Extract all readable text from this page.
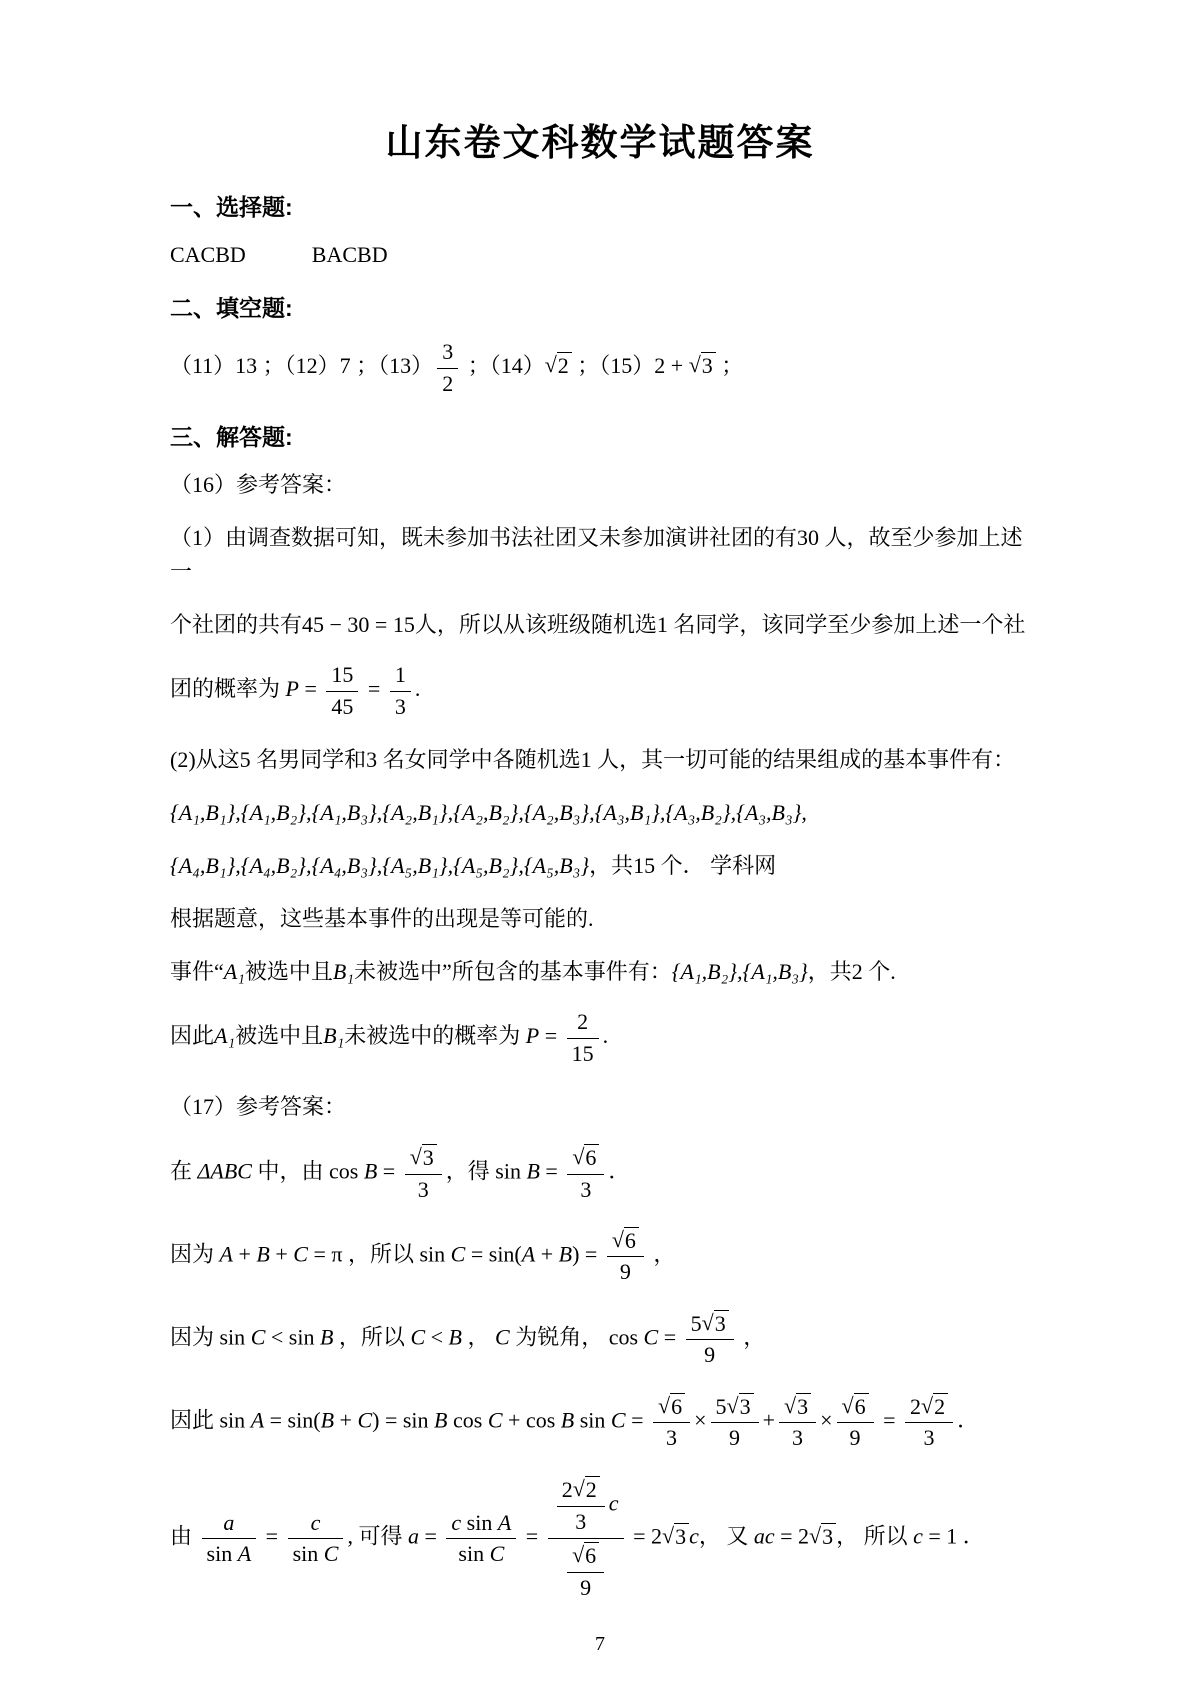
山东卷文科数学试题答案
一、选择题:
CACBD	BACBD
二、填空题:
（11）13 ；（12）7 ；$(13) \frac{3}{2}$ ；（14）√2 ；（15）2 + √3 ；
三、解答题:
（16）参考答案：
（1）由调查数据可知，既未参加书法社团又未参加演讲社团的有30 人，故至少参加上述一
个社团的共有45 − 30 = 15人，所以从该班级随机选1 名同学，该同学至少参加上述一个社
团的概率为 $P = \frac{15}{45} = \frac{1}{3}$ .
(2)从这5 名男同学和3 名女同学中各随机选1 人，其一切可能的结果组成的基本事件有：
{A₁,B₁},{A₁,B₂},{A₁,B₃},{A₂,B₁},{A₂,B₂},{A₂,B₃},{A₃,B₁},{A₃,B₂},{A₃,B₃},
{A₄,B₁},{A₄,B₂},{A₄,B₃},{A₅,B₁},{A₅,B₂},{A₅,B₃}，共15 个． 学科网
根据题意，这些基本事件的出现是等可能的.
事件“A₁被选中且B₁未被选中”所包含的基本事件有：{A₁,B₂},{A₁,B₃}，共2 个.
因此A₁被选中且B₁未被选中的概率为 $P = \frac{2}{15}$ .
（17）参考答案：
在 ΔABC 中，由 $\cos B = \frac{√3}{3}$ ，得 $\sin B = \frac{√6}{3}$ ．
因为 A + B + C = π ，所以 $\sin C = \sin(A + B) = \frac{√6}{9}$ ，
因为 sin C < sin B ，所以 C < B ， C 为锐角， $\cos C = \frac{5√3}{9}$ ，
因此 sin A = sin(B + C) = sin B cos C + cos B $\sin C = \frac{√6}{3} \times \frac{5√3}{9} + \frac{√3}{3} \times \frac{√6}{9} = \frac{2√2}{3}$ ．
由 $\frac{a}{\text{sin A}} = \frac{c}{\text{sin C}}$ , 可得 $a = \frac{\text{c sin A}}{\text{sin C}} = \frac{\frac{2√2}{3} c}{\frac{√6}{9}} = 2√3$ c， 又 ac = 2√3 ， 所以 c = 1 ．
7
